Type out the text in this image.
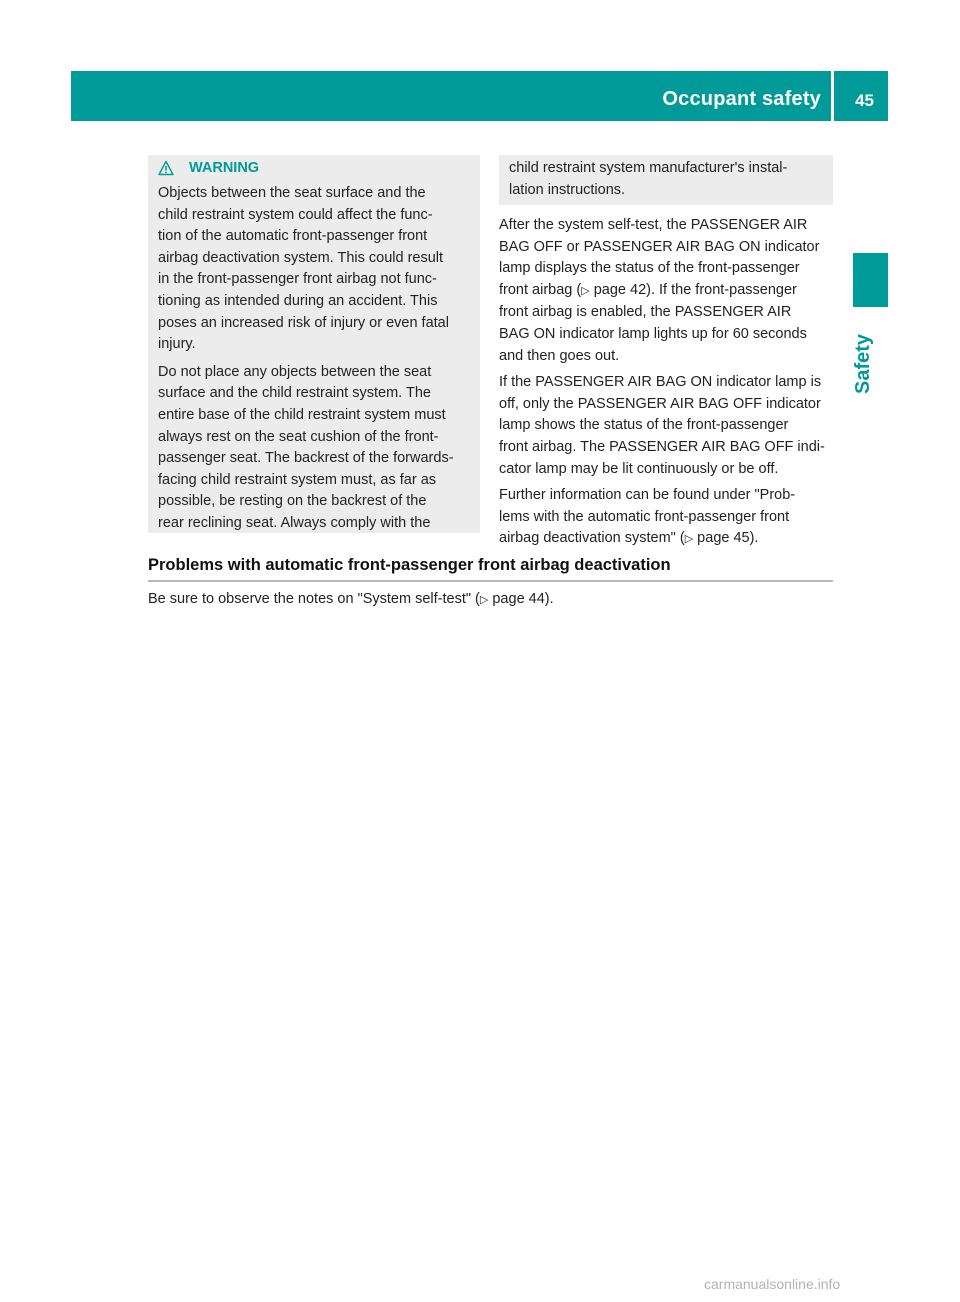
Occupant safety 45
Safety
WARNING

Objects between the seat surface and the
child restraint system could affect the func-
tion of the automatic front-passenger front
airbag deactivation system. This could result
in the front-passenger front airbag not func-
tioning as intended during an accident. This
poses an increased risk of injury or even fatal
injury.

Do not place any objects between the seat
surface and the child restraint system. The
entire base of the child restraint system must
always rest on the seat cushion of the front-
passenger seat. The backrest of the forwards-
facing child restraint system must, as far as
possible, be resting on the backrest of the
rear reclining seat. Always comply with the

child restraint system manufacturer's instal-
lation instructions.

After the system self-test, the PASSENGER AIR
BAG OFF or PASSENGER AIR BAG ON indicator
lamp displays the status of the front-passenger
front airbag (▷ page 42). If the front-passenger
front airbag is enabled, the PASSENGER AIR
BAG ON indicator lamp lights up for 60 seconds
and then goes out.

If the PASSENGER AIR BAG ON indicator lamp is
off, only the PASSENGER AIR BAG OFF indicator
lamp shows the status of the front-passenger
front airbag. The PASSENGER AIR BAG OFF indi-
cator lamp may be lit continuously or be off.

Further information can be found under "Prob-
lems with the automatic front-passenger front
airbag deactivation system" (▷ page 45).

Problems with automatic front-passenger front airbag deactivation
Be sure to observe the notes on "System self-test" (▷ page 44).
carmanualsonline.info
